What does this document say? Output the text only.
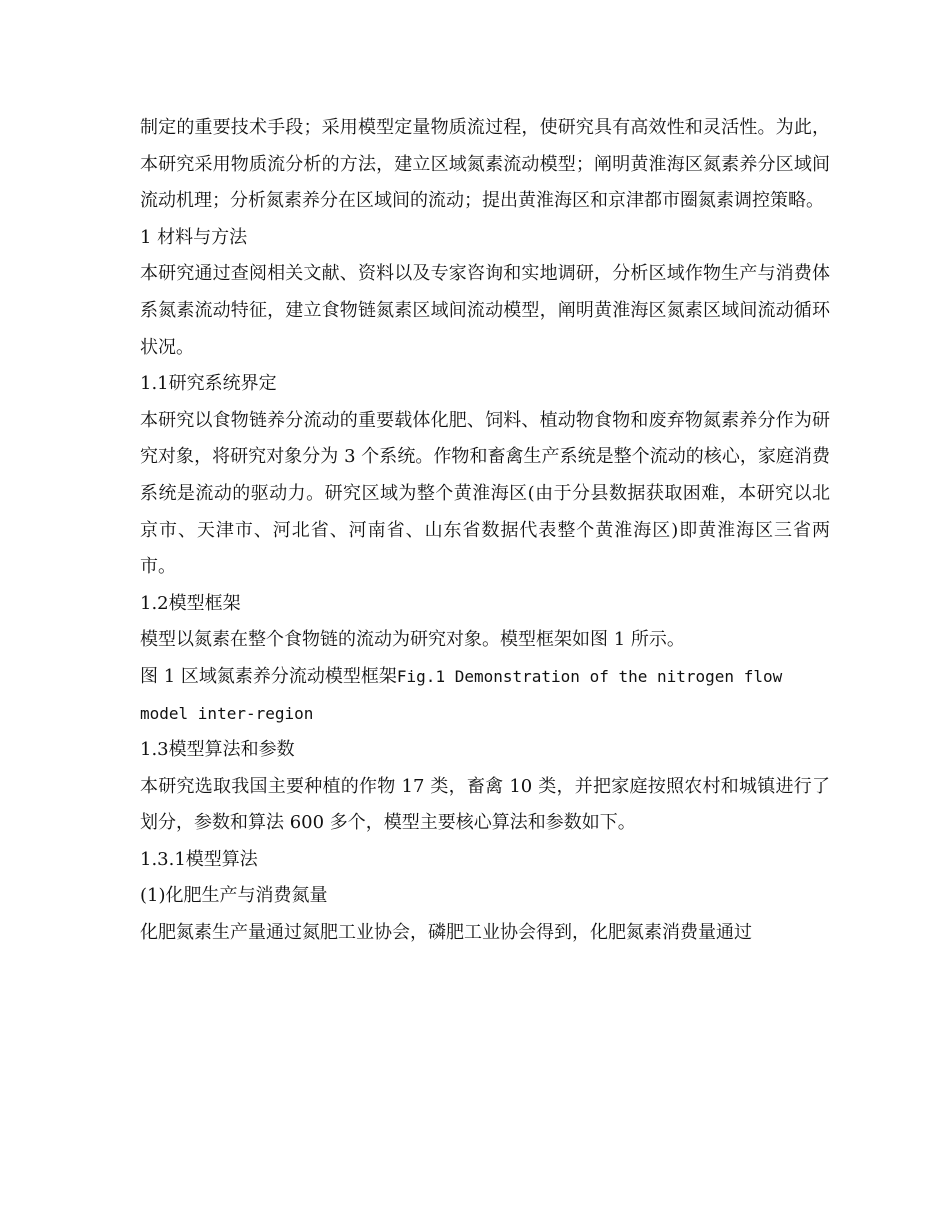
制定的重要技术手段；采用模型定量物质流过程，使研究具有高效性和灵活性。为此，本研究采用物质流分析的方法，建立区域氮素流动模型；阐明黄淮海区氮素养分区域间流动机理；分析氮素养分在区域间的流动；提出黄淮海区和京津都市圈氮素调控策略。

1 材料与方法

本研究通过查阅相关文献、资料以及专家咨询和实地调研，分析区域作物生产与消费体系氮素流动特征，建立食物链氮素区域间流动模型，阐明黄淮海区氮素区域间流动循环状况。

1.1研究系统界定

本研究以食物链养分流动的重要载体化肥、饲料、植动物食物和废弃物氮素养分作为研究对象，将研究对象分为 3 个系统。作物和畜禽生产系统是整个流动的核心，家庭消费系统是流动的驱动力。研究区域为整个黄淮海区(由于分县数据获取困难，本研究以北京市、天津市、河北省、河南省、山东省数据代表整个黄淮海区)即黄淮海区三省两市。

1.2模型框架

模型以氮素在整个食物链的流动为研究对象。模型框架如图 1 所示。

图 1 区域氮素养分流动模型框架Fig.1 Demonstration of the nitrogen flow
model inter-region

1.3模型算法和参数

本研究选取我国主要种植的作物 17 类，畜禽 10 类，并把家庭按照农村和城镇进行了划分，参数和算法 600 多个，模型主要核心算法和参数如下。

1.3.1模型算法

(1)化肥生产与消费氮量

化肥氮素生产量通过氮肥工业协会，磷肥工业协会得到，化肥氮素消费量通过
